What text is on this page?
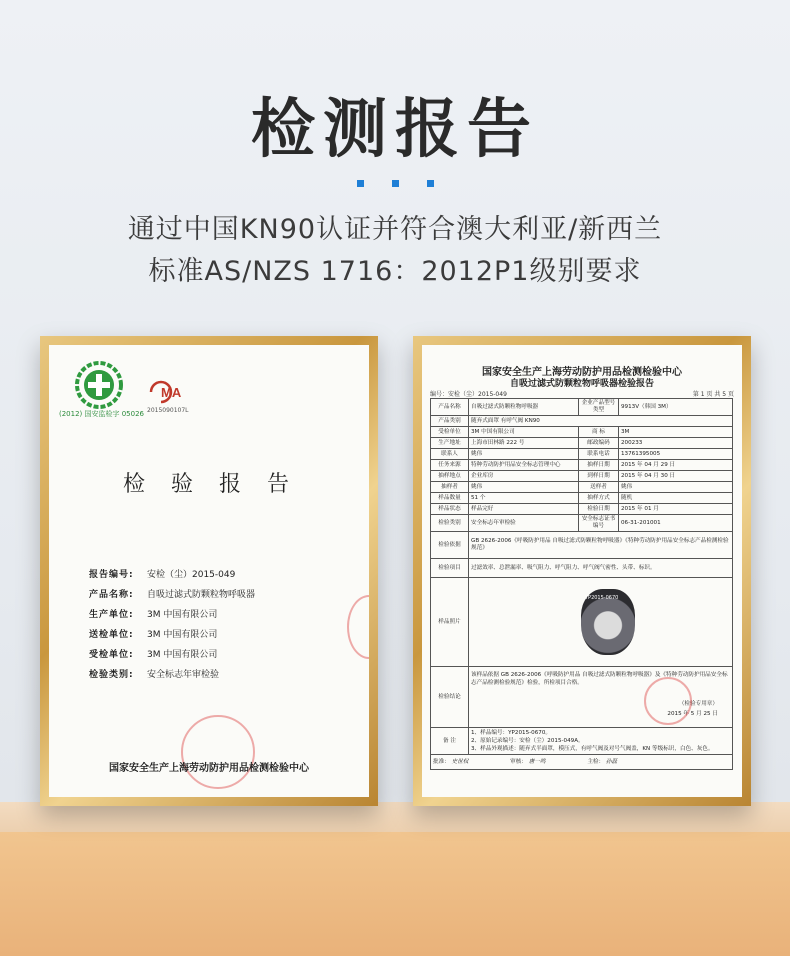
检测报告
通过中国KN90认证并符合澳大利亚/新西兰
标准AS/NZS 1716：2012P1级别要求
(2012) 国安监检字 05026
MA
2015090107L
检验报告
报告编号: 安检（尘）2015-049
产品名称: 自吸过滤式防颗粒物呼吸器
生产单位: 3M 中国有限公司
送检单位: 3M 中国有限公司
受检单位: 3M 中国有限公司
检验类别: 安全标志年审检验
国家安全生产上海劳动防护用品检测检验中心
国家安全生产上海劳动防护用品检测检验中心
自吸过滤式防颗粒物呼吸器检验报告
编号：安检（尘）2015-049	第 1 页 共 5 页
产品名称	自吸过滤式防颗粒物呼吸器	企业产品型号类型	9913V（韩国 3M）
产品类别	随弃式面罩 有呼气阀 KN90		
受检单位	3M 中国有限公司	商 标	3M
生产地址	上海市田林路 222 号	邮政编码	200233
联系人	姚伟	联系电话	13761395005
任务来源	特种劳动防护用品安全标志管理中心	抽样日期	2015 年 04 月 29 日
抽样地点	企业库房	到样日期	2015 年 04 月 30 日
抽样者	姚伟	送样者	姚伟
样品数量	51 个	抽样方式	随机
样品状态	样品完好	检验日期	2015 年 01 月
检验类别	安全标志年审检验	安全标志证书编号	06-31-201001
检验依据	GB 2626-2006《呼吸防护用品 自吸过滤式防颗粒物呼吸器》《特种劳动防护用品安全标志产品检测检验规范》		
检验项目	过滤效率、总泄漏率、吸气阻力、呼气阻力、呼气阀气密性、头带、标识。		
样品照片	YP2015-0670		

检验结论	该样品依据 GB 2626-2006《呼吸防护用品 自吸过滤式防颗粒物呼吸器》及《特种劳动防护用品安全标志产品检测检验规范》检验，所检项目合格。
（检验专用章）
2015 年 5 月 25 日		

备 注	1、样品编号：YP2015-0670。
2、原始记录编号：安检（尘）2015-049A。
3、样品外观描述：随弃式半面罩，模压式，有呼气阀及对号气阀盖，KN 等级标识，白色、灰色。		

批准： 史世权 审核： 唐一鸣 主检： 孙磊			
